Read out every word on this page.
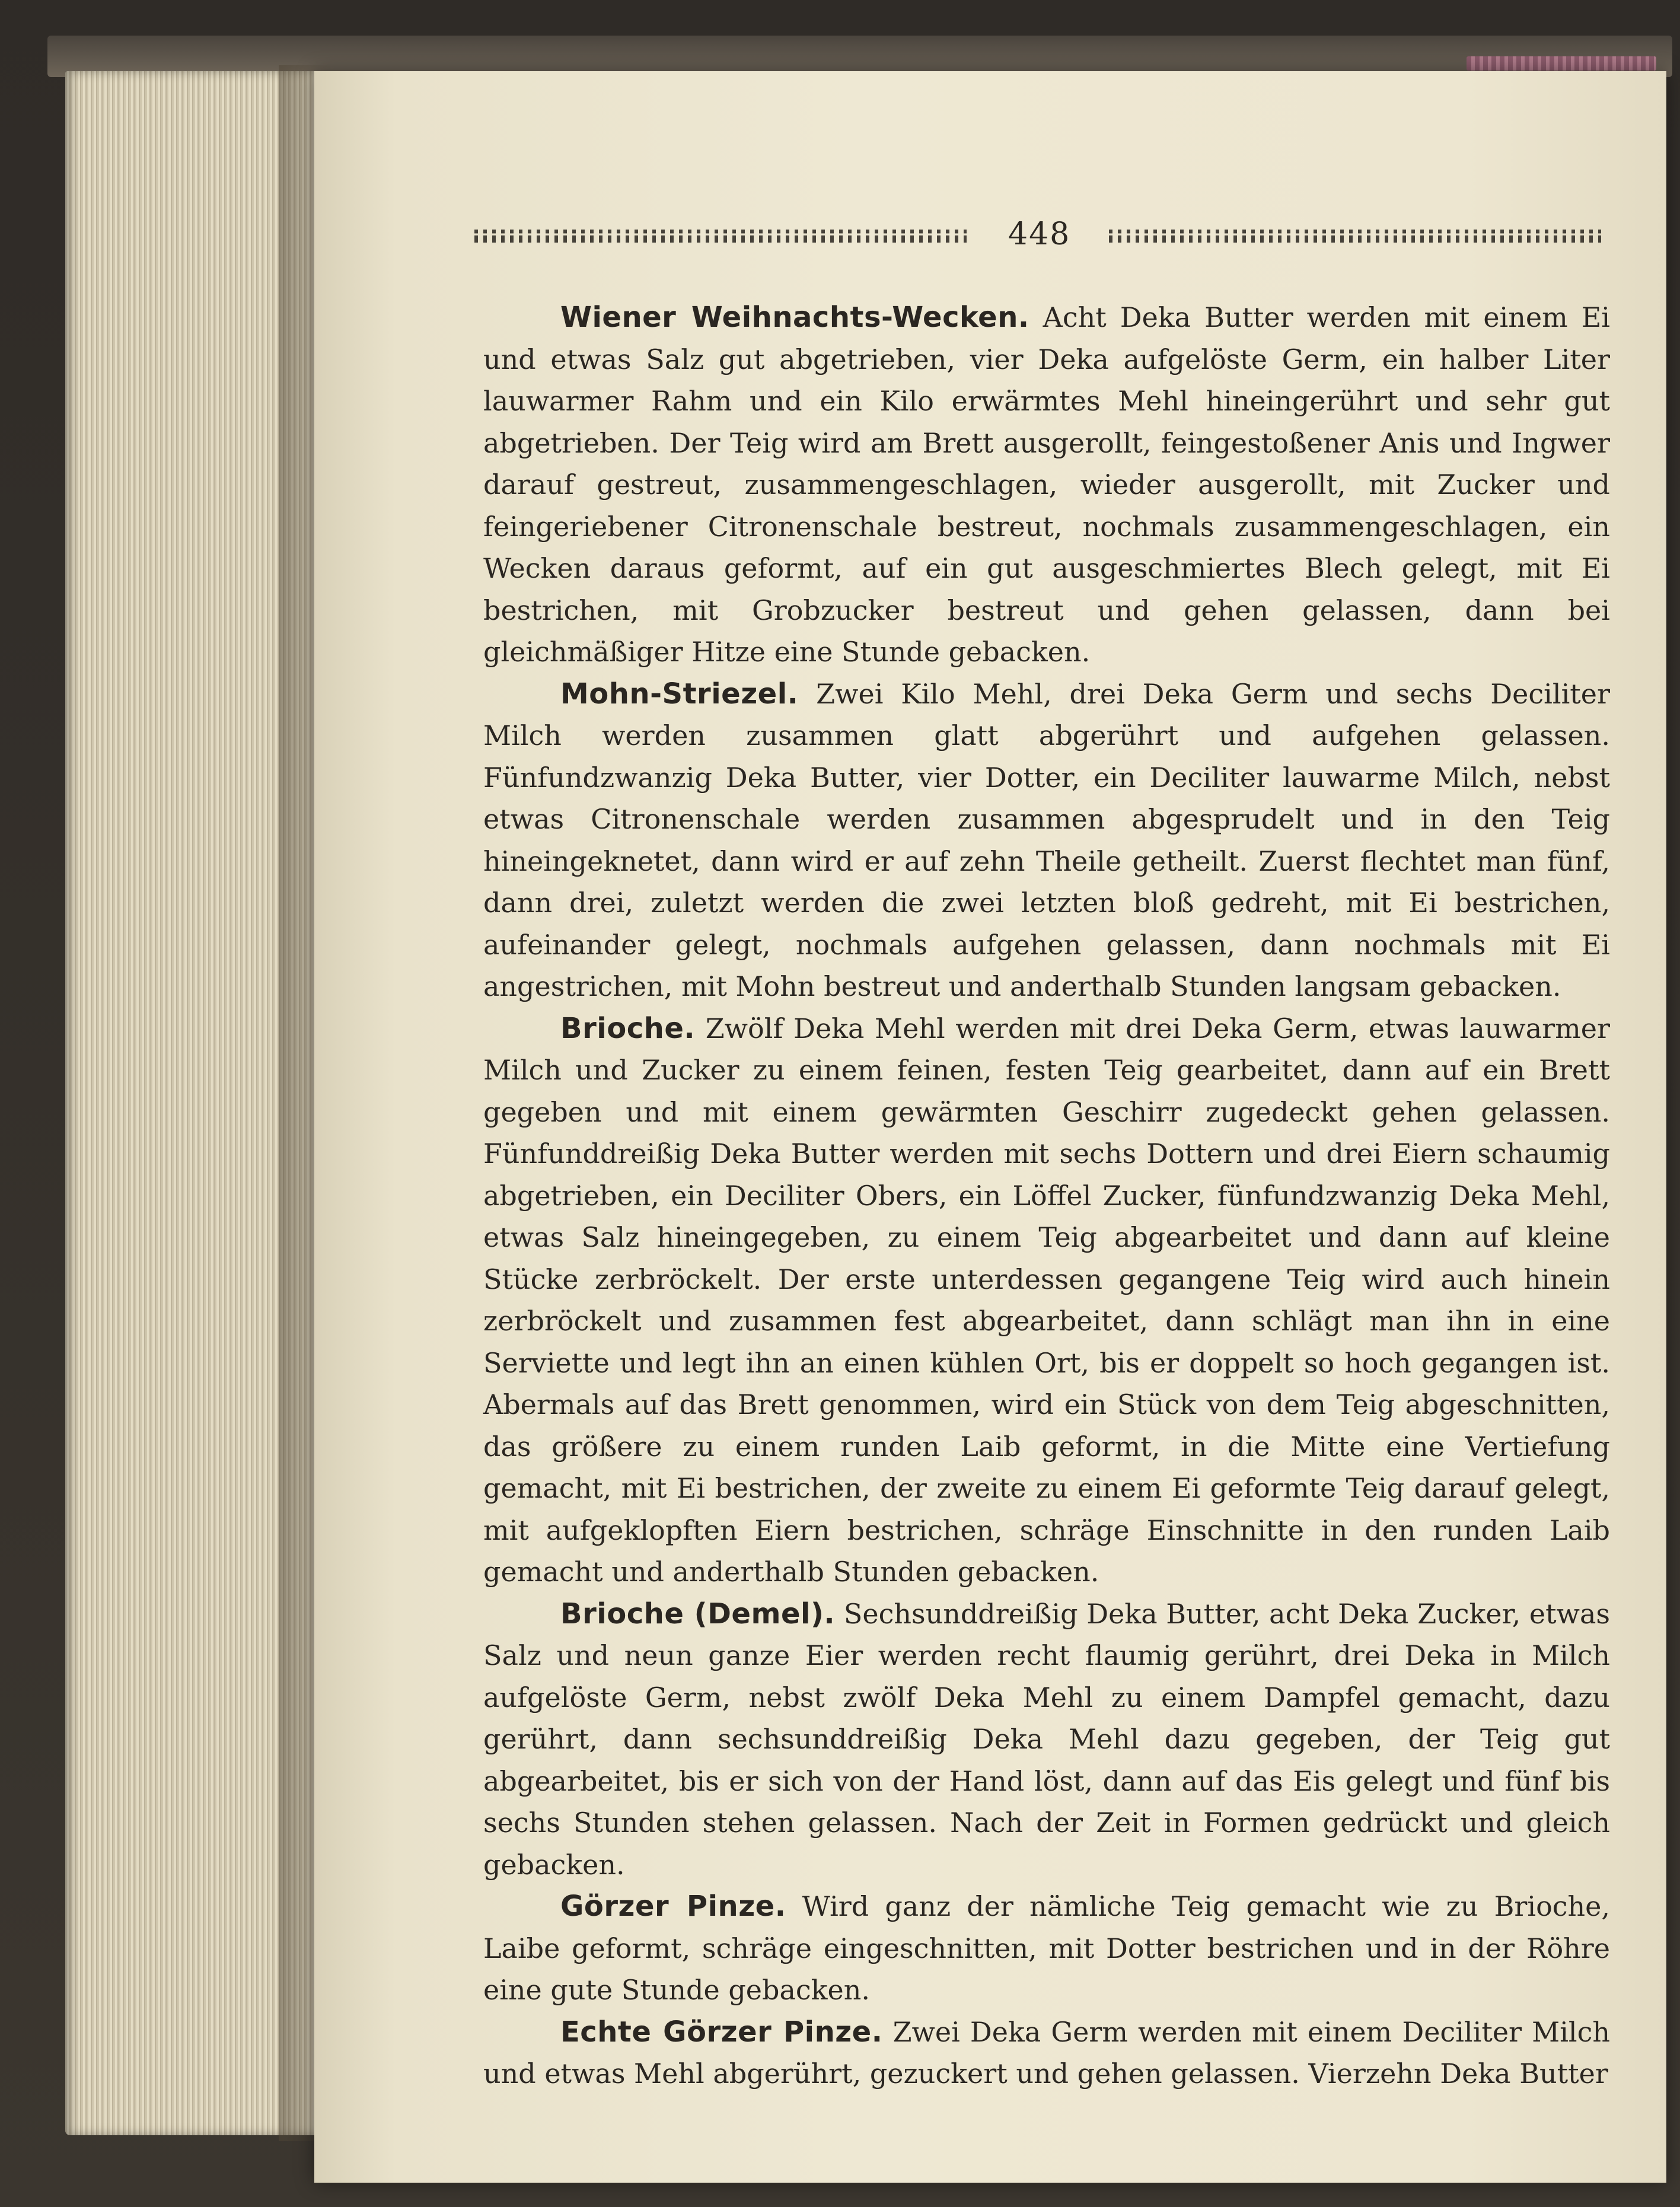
448

Wiener Weihnachts-Wecken. Acht Deka Butter werden mit einem Ei und etwas Salz gut abgetrieben, vier Deka aufgelöste Germ, ein halber Liter lauwarmer Rahm und ein Kilo erwärmtes Mehl hineingerührt und sehr gut abgetrieben. Der Teig wird am Brett ausgerollt, feingestoßener Anis und Ingwer darauf gestreut, zusammengeschlagen, wieder ausgerollt, mit Zucker und feingeriebener Citronenschale bestreut, nochmals zusammengeschlagen, ein Wecken daraus geformt, auf ein gut ausgeschmiertes Blech gelegt, mit Ei bestrichen, mit Grobzucker bestreut und gehen gelassen, dann bei gleichmäßiger Hitze eine Stunde gebacken.

Mohn-Striezel. Zwei Kilo Mehl, drei Deka Germ und sechs Deciliter Milch werden zusammen glatt abgerührt und aufgehen gelassen. Fünfundzwanzig Deka Butter, vier Dotter, ein Deciliter lauwarme Milch, nebst etwas Citronenschale werden zusammen abgesprudelt und in den Teig hineingeknetet, dann wird er auf zehn Theile getheilt. Zuerst flechtet man fünf, dann drei, zuletzt werden die zwei letzten bloß gedreht, mit Ei bestrichen, aufeinander gelegt, nochmals aufgehen gelassen, dann nochmals mit Ei angestrichen, mit Mohn bestreut und anderthalb Stunden langsam gebacken.

Brioche. Zwölf Deka Mehl werden mit drei Deka Germ, etwas lauwarmer Milch und Zucker zu einem feinen, festen Teig gearbeitet, dann auf ein Brett gegeben und mit einem gewärmten Geschirr zugedeckt gehen gelassen. Fünfunddreißig Deka Butter werden mit sechs Dottern und drei Eiern schaumig abgetrieben, ein Deciliter Obers, ein Löffel Zucker, fünfundzwanzig Deka Mehl, etwas Salz hineingegeben, zu einem Teig abgearbeitet und dann auf kleine Stücke zerbröckelt. Der erste unterdessen gegangene Teig wird auch hinein zerbröckelt und zusammen fest abgearbeitet, dann schlägt man ihn in eine Serviette und legt ihn an einen kühlen Ort, bis er doppelt so hoch gegangen ist. Abermals auf das Brett genommen, wird ein Stück von dem Teig abgeschnitten, das größere zu einem runden Laib geformt, in die Mitte eine Vertiefung gemacht, mit Ei bestrichen, der zweite zu einem Ei geformte Teig darauf gelegt, mit aufgeklopften Eiern bestrichen, schräge Einschnitte in den runden Laib gemacht und anderthalb Stunden gebacken.

Brioche (Demel). Sechsunddreißig Deka Butter, acht Deka Zucker, etwas Salz und neun ganze Eier werden recht flaumig gerührt, drei Deka in Milch aufgelöste Germ, nebst zwölf Deka Mehl zu einem Dampfel gemacht, dazu gerührt, dann sechsunddreißig Deka Mehl dazu gegeben, der Teig gut abgearbeitet, bis er sich von der Hand löst, dann auf das Eis gelegt und fünf bis sechs Stunden stehen gelassen. Nach der Zeit in Formen gedrückt und gleich gebacken.

Görzer Pinze. Wird ganz der nämliche Teig gemacht wie zu Brioche, Laibe geformt, schräge eingeschnitten, mit Dotter bestrichen und in der Röhre eine gute Stunde gebacken.

Echte Görzer Pinze. Zwei Deka Germ werden mit einem Deciliter Milch und etwas Mehl abgerührt, gezuckert und gehen gelassen. Vierzehn Deka Butter
